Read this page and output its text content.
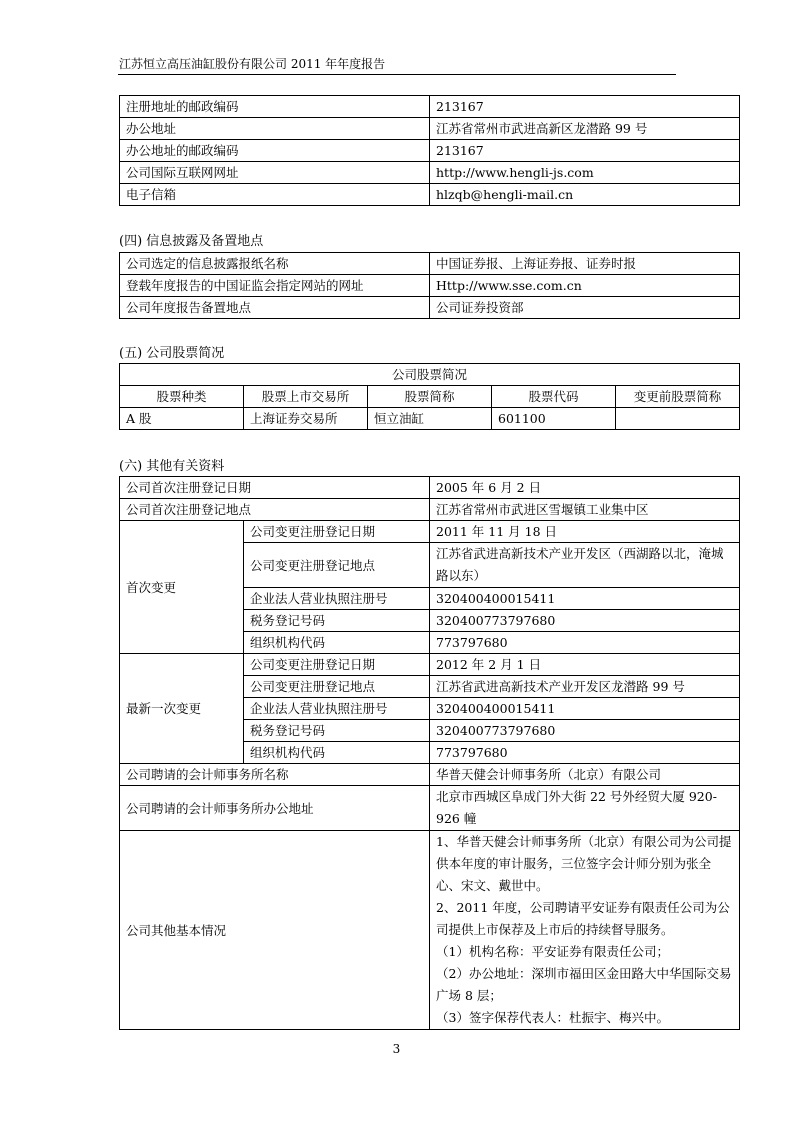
江苏恒立高压油缸股份有限公司 2011 年年度报告
注册地址的邮政编码	213167
办公地址	江苏省常州市武进高新区龙潜路 99 号
办公地址的邮政编码	213167
公司国际互联网网址	http://www.hengli-js.com
电子信箱	hlzqb@hengli-mail.cn
(四) 信息披露及备置地点
公司选定的信息披露报纸名称	中国证券报、上海证券报、证券时报
登载年度报告的中国证监会指定网站的网址	Http://www.sse.com.cn
公司年度报告备置地点	公司证券投资部
(五) 公司股票简况
公司股票简况				
股票种类	股票上市交易所	股票简称	股票代码	变更前股票简称
A 股	上海证券交易所	恒立油缸	601100	
(六) 其他有关资料
公司首次注册登记日期		2005 年 6 月 2 日
公司首次注册登记地点		江苏省常州市武进区雪堰镇工业集中区
首次变更	公司变更注册登记日期	2011 年 11 月 18 日
	公司变更注册登记地点	江苏省武进高新技术产业开发区（西湖路以北，淹城路以东）
	企业法人营业执照注册号	320400400015411
	税务登记号码	320400773797680
	组织机构代码	773797680
最新一次变更	公司变更注册登记日期	2012 年 2 月 1 日
	公司变更注册登记地点	江苏省武进高新技术产业开发区龙潜路 99 号
	企业法人营业执照注册号	320400400015411
	税务登记号码	320400773797680
	组织机构代码	773797680
公司聘请的会计师事务所名称		华普天健会计师事务所（北京）有限公司
公司聘请的会计师事务所办公地址		北京市西城区阜成门外大街 22 号外经贸大厦 920-926 幢
公司其他基本情况		1、华普天健会计师事务所（北京）有限公司为公司提供本年度的审计服务，三位签字会计师分别为张全心、宋文、戴世中。
2、2011 年度，公司聘请平安证券有限责任公司为公司提供上市保荐及上市后的持续督导服务。
（1）机构名称：平安证券有限责任公司；
（2）办公地址：深圳市福田区金田路大中华国际交易广场 8 层；
（3）签字保荐代表人：杜振宇、梅兴中。
3
